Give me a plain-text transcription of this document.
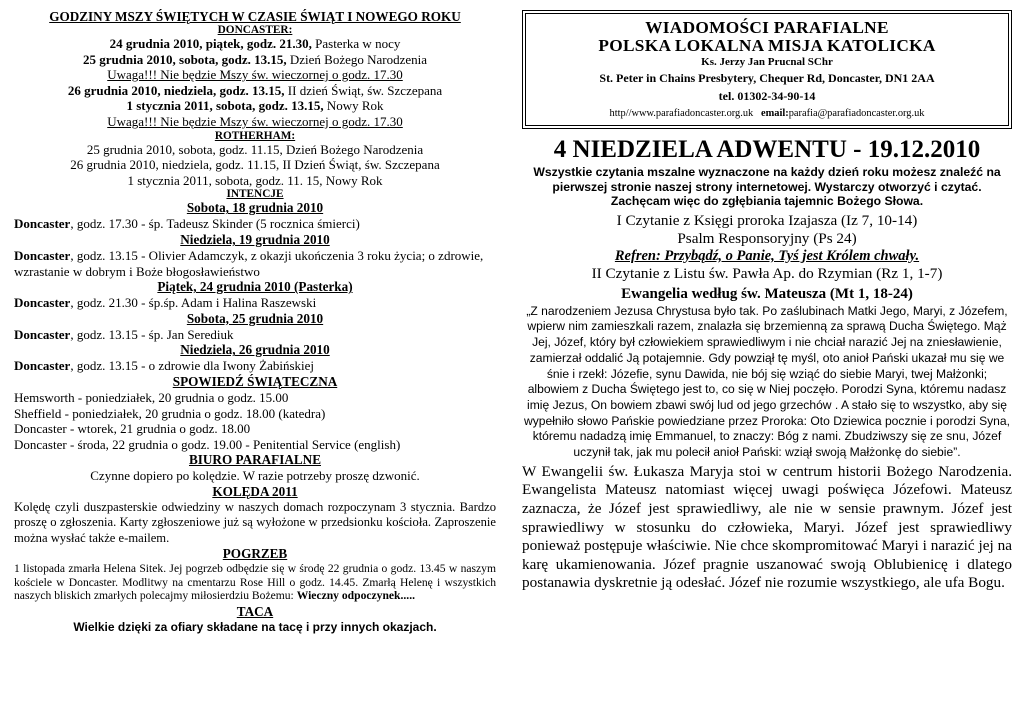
GODZINY MSZY ŚWIĘTYCH W CZASIE ŚWIĄT I NOWEGO ROKU

DONCASTER:

24 grudnia 2010, piątek, godz. 21.30, Pasterka w nocy

25 grudnia 2010, sobota, godz. 13.15, Dzień Bożego Narodzenia

Uwaga!!! Nie będzie Mszy św. wieczornej o godz. 17.30

26 grudnia 2010, niedziela, godz. 13.15, II dzień Świąt, św. Szczepana

1 stycznia 2011, sobota, godz. 13.15, Nowy Rok

Uwaga!!! Nie będzie Mszy św. wieczornej o godz. 17.30

ROTHERHAM:

25 grudnia 2010, sobota, godz. 11.15, Dzień Bożego Narodzenia

26 grudnia 2010, niedziela, godz. 11.15, II Dzień Świąt, św. Szczepana

1 stycznia 2011, sobota, godz. 11. 15, Nowy Rok

INTENCJE

Sobota, 18 grudnia 2010

Doncaster, godz. 17.30 - śp. Tadeusz Skinder (5 rocznica śmierci)

Niedziela, 19 grudnia 2010

Doncaster, godz. 13.15 - Olivier Adamczyk, z okazji ukończenia 3 roku życia; o zdrowie, wzrastanie w dobrym i Boże błogosławieństwo

Piątek, 24 grudnia 2010 (Pasterka)

Doncaster, godz. 21.30 - śp.śp. Adam i Halina Raszewski

Sobota, 25 grudnia 2010

Doncaster, godz. 13.15 - śp. Jan Serediuk

Niedziela, 26 grudnia 2010

Doncaster, godz. 13.15 - o zdrowie dla Iwony Żabińskiej

SPOWIEDŹ ŚWIĄTECZNA

Hemsworth - poniedziałek, 20 grudnia o godz. 15.00

Sheffield - poniedziałek, 20 grudnia o godz. 18.00 (katedra)

Doncaster - wtorek, 21 grudnia o godz. 18.00

Doncaster - środa, 22 grudnia o godz. 19.00 - Penitential Service (english)

BIURO PARAFIALNE

Czynne dopiero po kolędzie. W razie potrzeby proszę dzwonić.

KOLĘDA 2011

Kolędę czyli duszpasterskie odwiedziny w naszych domach rozpoczynam 3 stycznia. Bardzo proszę o zgłoszenia. Karty zgłoszeniowe już są wyłożone w przedsionku kościoła. Zaproszenie można wysłać także e-mailem.

POGRZEB

1 listopada zmarła Helena Sitek. Jej pogrzeb odbędzie się w środę 22 grudnia o godz. 13.45 w naszym kościele w Doncaster. Modlitwy na cmentarzu Rose Hill o godz. 14.45. Zmarłą Helenę i wszystkich naszych bliskich zmarłych polecajmy miłosierdziu Bożemu: Wieczny odpoczynek.....

TACA

Wielkie dzięki za ofiary składane na tacę i przy innych okazjach.

WIADOMOŚCI PARAFIALNE

POLSKA LOKALNA MISJA KATOLICKA

Ks. Jerzy Jan Prucnal SChr

St. Peter in Chains Presbytery, Chequer Rd, Doncaster, DN1 2AA

tel. 01302-34-90-14

http//www.parafiadoncaster.org.uk email:parafia@parafiadoncaster.org.uk

4 NIEDZIELA ADWENTU - 19.12.2010

Wszystkie czytania mszalne wyznaczone na każdy dzień roku możesz znaleźć na pierwszej stronie naszej strony internetowej. Wystarczy otworzyć i czytać. Zachęcam więc do zgłębiania tajemnic Bożego Słowa.

I Czytanie z Księgi proroka Izajasza (Iz 7, 10-14)

Psalm Responsoryjny (Ps 24)

Refren: Przybądź, o Panie, Tyś jest Królem chwały.

II Czytanie z Listu św. Pawła Ap. do Rzymian (Rz 1, 1-7)

Ewangelia według św. Mateusza (Mt 1, 18-24)

„Z narodzeniem Jezusa Chrystusa było tak. Po zaślubinach Matki Jego, Maryi, z Józefem, wpierw nim zamieszkali razem, znalazła się brzemienną za sprawą Ducha Świętego. Mąż Jej, Józef, który był człowiekiem sprawiedliwym i nie chciał narazić Jej na zniesławienie, zamierzał oddalić Ją potajemnie. Gdy powziął tę myśl, oto anioł Pański ukazał mu się we śnie i rzekł: Józefie, synu Dawida, nie bój się wziąć do siebie Maryi, twej Małżonki; albowiem z Ducha Świętego jest to, co się w Niej poczęło. Porodzi Syna, któremu nadasz imię Jezus, On bowiem zbawi swój lud od jego grzechów . A stało się to wszystko, aby się wypełniło słowo Pańskie powiedziane przez Proroka: Oto Dziewica pocznie i porodzi Syna, któremu nadadzą imię Emmanuel, to znaczy: Bóg z nami. Zbudziwszy się ze snu, Józef uczynił tak, jak mu polecił anioł Pański: wziął swoją Małżonkę do siebie”.

W Ewangelii św. Łukasza Maryja stoi w centrum historii Bożego Narodzenia. Ewangelista Mateusz natomiast więcej uwagi poświęca Józefowi. Mateusz zaznacza, że Józef jest sprawiedliwy, ale nie w sensie prawnym. Józef jest sprawiedliwy w stosunku do człowieka, Maryi. Józef jest sprawiedliwy ponieważ postępuje właściwie. Nie chce skompromitować Maryi i narazić jej na karę ukamienowania. Józef pragnie uszanować swoją Oblubienicę i dlatego postanawia dyskretnie ją odesłać. Józef nie rozumie wszystkiego, ale ufa Bogu.
